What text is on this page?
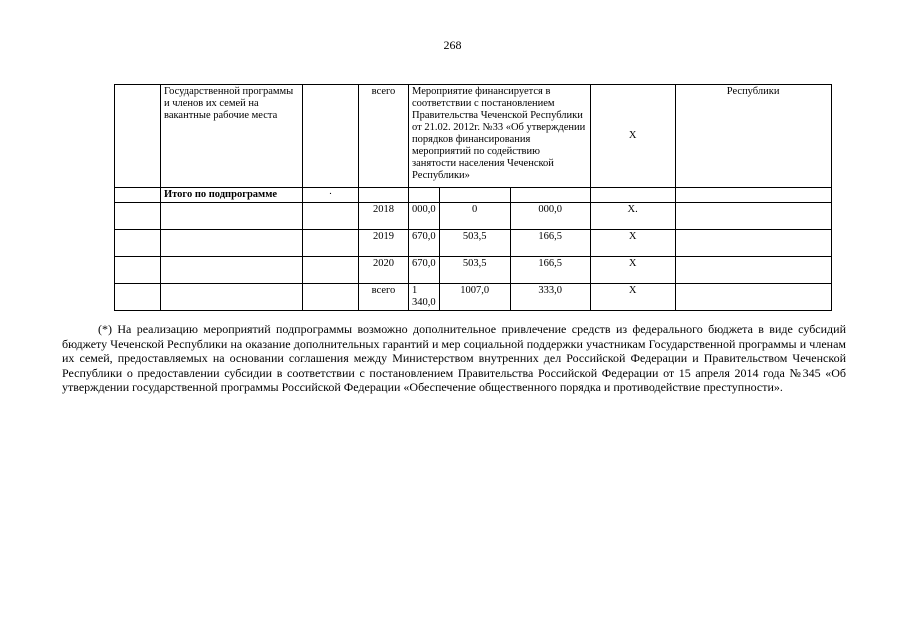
268
	Государственной программы и членов их семей на вакантные рабочие места		всего	Мероприятие финансируется в соответствии с постановлением Правительства Чеченской Республики от 21.02. 2012г. №33 «Об утверждении порядков финансирования мероприятий по содействию занятости населения Чеченской Республики»			Х	Республики
	Итого по подпрограмме	·						
			2018	000,0	0	000,0	Х.	
			2019	670,0	503,5	166,5	Х	
			2020	670,0	503,5	166,5	Х	
			всего	1 340,0	1007,0	333,0	Х	
(*) На реализацию мероприятий подпрограммы возможно дополнительное привлечение средств из федерального бюджета в виде субсидий бюджету Чеченской Республики на оказание дополнительных гарантий и мер социальной поддержки участникам Государственной программы и членам их семей, предоставляемых на основании соглашения между Министерством внутренних дел Российской Федерации и Правительством Чеченской Республики о предоставлении субсидии в соответствии с постановлением Правительства Российской Федерации от 15 апреля 2014 года №345 «Об утверждении государственной программы Российской Федерации «Обеспечение общественного порядка и противодействие преступности».
